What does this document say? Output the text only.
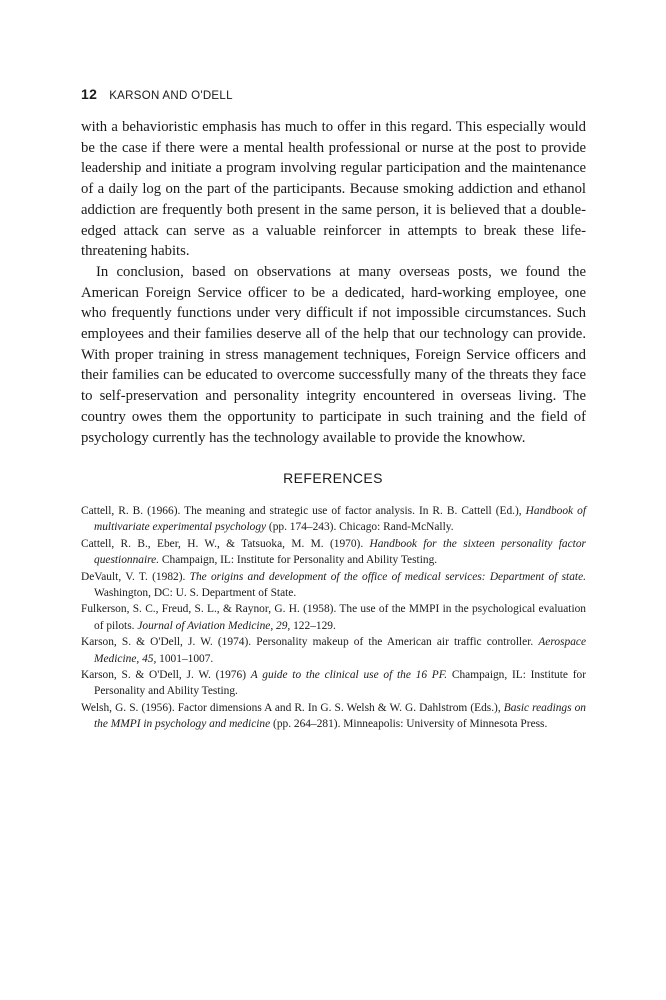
12 KARSON AND O'DELL

with a behavioristic emphasis has much to offer in this regard. This especially would be the case if there were a mental health professional or nurse at the post to provide leadership and initiate a program involving regular participation and the maintenance of a daily log on the part of the participants. Because smoking addiction and ethanol addiction are frequently both present in the same person, it is believed that a double-edged attack can serve as a valuable reinforcer in attempts to break these life-threatening habits.

In conclusion, based on observations at many overseas posts, we found the American Foreign Service officer to be a dedicated, hard-working employee, one who frequently functions under very difficult if not impossible circumstances. Such employees and their families deserve all of the help that our technology can provide. With proper training in stress management techniques, Foreign Service officers and their families can be educated to overcome successfully many of the threats they face to self-preservation and personality integrity encountered in overseas living. The country owes them the opportunity to participate in such training and the field of psychology currently has the technology available to provide the knowhow.

REFERENCES

Cattell, R. B. (1966). The meaning and strategic use of factor analysis. In R. B. Cattell (Ed.), Handbook of multivariate experimental psychology (pp. 174–243). Chicago: Rand-McNally.

Cattell, R. B., Eber, H. W., & Tatsuoka, M. M. (1970). Handbook for the sixteen personality factor questionnaire. Champaign, IL: Institute for Personality and Ability Testing.

DeVault, V. T. (1982). The origins and development of the office of medical services: Department of state. Washington, DC: U. S. Department of State.

Fulkerson, S. C., Freud, S. L., & Raynor, G. H. (1958). The use of the MMPI in the psychological evaluation of pilots. Journal of Aviation Medicine, 29, 122–129.

Karson, S. & O'Dell, J. W. (1974). Personality makeup of the American air traffic controller. Aerospace Medicine, 45, 1001–1007.

Karson, S. & O'Dell, J. W. (1976) A guide to the clinical use of the 16 PF. Champaign, IL: Institute for Personality and Ability Testing.

Welsh, G. S. (1956). Factor dimensions A and R. In G. S. Welsh & W. G. Dahlstrom (Eds.), Basic readings on the MMPI in psychology and medicine (pp. 264–281). Minneapolis: University of Minnesota Press.
